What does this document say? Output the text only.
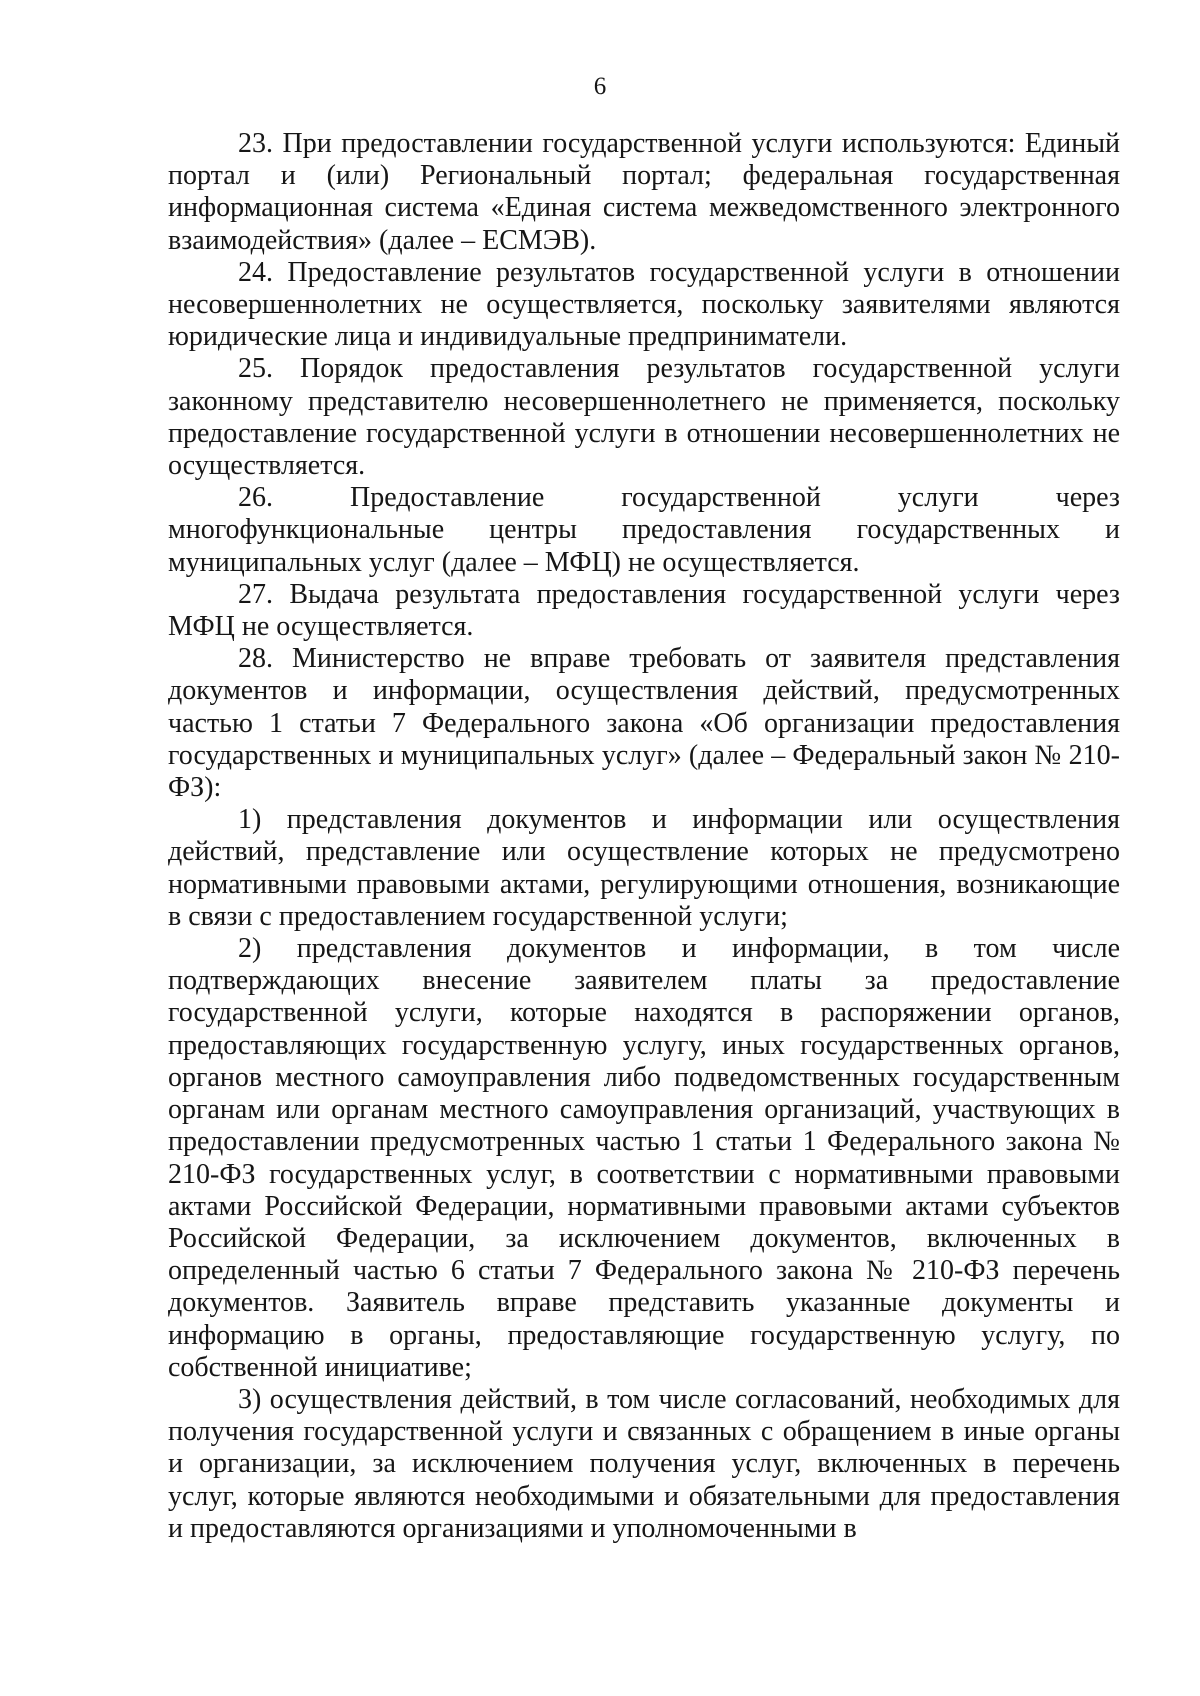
6

23. При предоставлении государственной услуги используются: Единый портал и (или) Региональный портал; федеральная государственная информационная система «Единая система межведомственного электронного взаимодействия» (далее – ЕСМЭВ).

24. Предоставление результатов государственной услуги в отношении несовершеннолетних не осуществляется, поскольку заявителями являются юридические лица и индивидуальные предприниматели.

25. Порядок предоставления результатов государственной услуги законному представителю несовершеннолетнего не применяется, поскольку предоставление государственной услуги в отношении несовершеннолетних не осуществляется.

26. Предоставление государственной услуги через многофункциональные центры предоставления государственных и муниципальных услуг (далее – МФЦ) не осуществляется.

27. Выдача результата предоставления государственной услуги через МФЦ не осуществляется.

28. Министерство не вправе требовать от заявителя представления документов и информации, осуществления действий, предусмотренных частью 1 статьи 7 Федерального закона «Об организации предоставления государственных и муниципальных услуг» (далее – Федеральный закон № 210-ФЗ):

1) представления документов и информации или осуществления действий, представление или осуществление которых не предусмотрено нормативными правовыми актами, регулирующими отношения, возникающие в связи с предоставлением государственной услуги;

2) представления документов и информации, в том числе подтверждающих внесение заявителем платы за предоставление государственной услуги, которые находятся в распоряжении органов, предоставляющих государственную услугу, иных государственных органов, органов местного самоуправления либо подведомственных государственным органам или органам местного самоуправления организаций, участвующих в предоставлении предусмотренных частью 1 статьи 1 Федерального закона № 210-ФЗ государственных услуг, в соответствии с нормативными правовыми актами Российской Федерации, нормативными правовыми актами субъектов Российской Федерации, за исключением документов, включенных в определенный частью 6 статьи 7 Федерального закона № 210-ФЗ перечень документов. Заявитель вправе представить указанные документы и информацию в органы, предоставляющие государственную услугу, по собственной инициативе;

3) осуществления действий, в том числе согласований, необходимых для получения государственной услуги и связанных с обращением в иные органы и организации, за исключением получения услуг, включенных в перечень услуг, которые являются необходимыми и обязательными для предоставления и предоставляются организациями и уполномоченными в
